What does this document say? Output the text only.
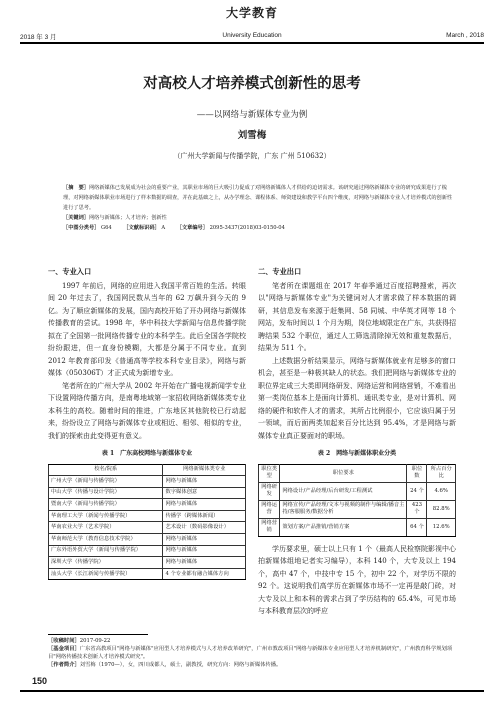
大学教育
2018 年 3 月	University Education	March , 2018
对高校人才培养模式创新性的思考
——以网络与新媒体专业为例
刘雪梅
（广州大学新闻与传播学院，广东 广州 510632）
［摘　要］网络新媒体已发展成为社会的重要产业，其职业市场的巨大吸引力促成了对网络新媒体人才供给的迫切需求。该研究通过网络新媒体专业的研究成果进行了梳理，对网络新媒体职业市场进行了样本数据的调查，并在此基础之上，从办学理念、课程体系、师资建设和教学平台四个维度，对网络与新媒体专业人才培养模式的创新性进行了思考。
［关键词］网络与新媒体；人才培养；创新性
［中图分类号］ G64 ［文献标识码］ A ［文章编号］ 2095-3437(2018)03-0150-04
一、专业入口

1997 年前后，网络的应用进入我国平常百姓的生活。转眼间 20 年过去了，我国网民数从当年的 62 万飙升到今天的 9 亿。为了顺应新媒体的发展，国内高校开始了开办网络与新媒体传播教育的尝试。1998 年，华中科技大学新闻与信息传播学院拟在了全国第一批网络传播专业的本科学生。此后全国各学院校纷纷跟进，但一直身份模糊，大都是分属于不同专业。直到 2012 年教育部印发《普通高等学校本科专业目录》，网络与新媒体（050306T）才正式成为新增专业。

笔者所在的广州大学从 2002 年开始在广播电视新闻学专业下设置网络传播方向，是南粤地域第一家招收网络新媒体类专业本科生的高校。随着时间的推进，广东地区其他院校已行动起来，纷纷设立了网络与新媒体专业或相近、相邻、相似的专业，我们的探索由此变得更有意义。

表 1　广东高校网络与新媒体专业
校名/院系	网络新媒体类专业
广州大学（新闻与传播学院）	网络与新媒体
中山大学（传播与设计学院）	数字媒体创意
暨南大学（新闻与传播学院）	网络与新媒体
华南理工大学（新闻与传播学院）	传播学（跨媒体新闻）
华南农业大学（艺术学院）	艺术设计（数码影像设计）
华南师范大学（教育信息技术学院）	网络与新媒体
广东外语外贸大学（新闻与传播学院）	网络与新媒体
深圳大学（传播学院）	网络与新媒体
汕头大学（长江新闻与传播学院）	4 个专业都有融合媒体方向
二、专业出口

笔者所在课题组在 2017 年春季通过百度招聘搜索，再次以"网络与新媒体专业"为关键词对人才需求做了样本数据的调研，其信息发布来源于赶集网、58 同城、中华英才网等 18 个网站，发布时间以 1 个月为期，岗位地域限定在广东，共获得招聘结果 532 个职位，通过人工筛选清除掉无效和重复数据后，结果为 511 个。

上述数据分析结果显示，网络与新媒体就业有足够多的窗口机会，甚至是一种极其缺人的状态。我们把网络与新媒体专业的职位界定成三大类即网络研发、网络运营和网络营销，不难看出第一类岗位基本上是面向计算机、通讯类专业，是对计算机、网络的硬件和软件人才的需求，其所占比例很小，它应该归属于另一领域，而后面两类加起来百分比达到 95.4%，才是网络与新媒体专业真正要面对的职场。

表 2　网络与新媒体职业分类
职位类型	职位要求	职位数	所占百分比
网络研发	网络设计/产品经理/后台研发/工程测试	24 个	4.6%
网络运营	网络宣传/产品经理/文本与视频的制作与编辑/播音主持/客服服务/数据分析	423 个	82.8%
网络营销	策划方案/产品推销/营销方案	64 个	12.6%

学历要求里，硕士以上只有 1 个（最高人民检察院影视中心拍新媒体组地记者实习编导），本科 140 个，大专及以上 194 个，高中 47 个，中技中专 15 个，初中 22 个，对学历不限的 92 个。这说明我们高学历在新媒体市场不一定再是敲门砖，对大专及以上和本科的需求占到了学历结构的 65.4%，可见市场与本科教育层次的呼应

［收稿时间］2017-09-22
［基金项目］广东省高教项目"网络与新媒体"应用型人才培养模式与人才培养改革研究"，广州市教改项目"网络与新媒体专业应用型人才培养机制研究"，广州教育科学规划项目"网络传播技术创新人才培养模式研究"。
［作者简介］刘雪梅（1970—），女，四川成都人，硕士，副教授，研究方向：网络与新媒体传播。
150
